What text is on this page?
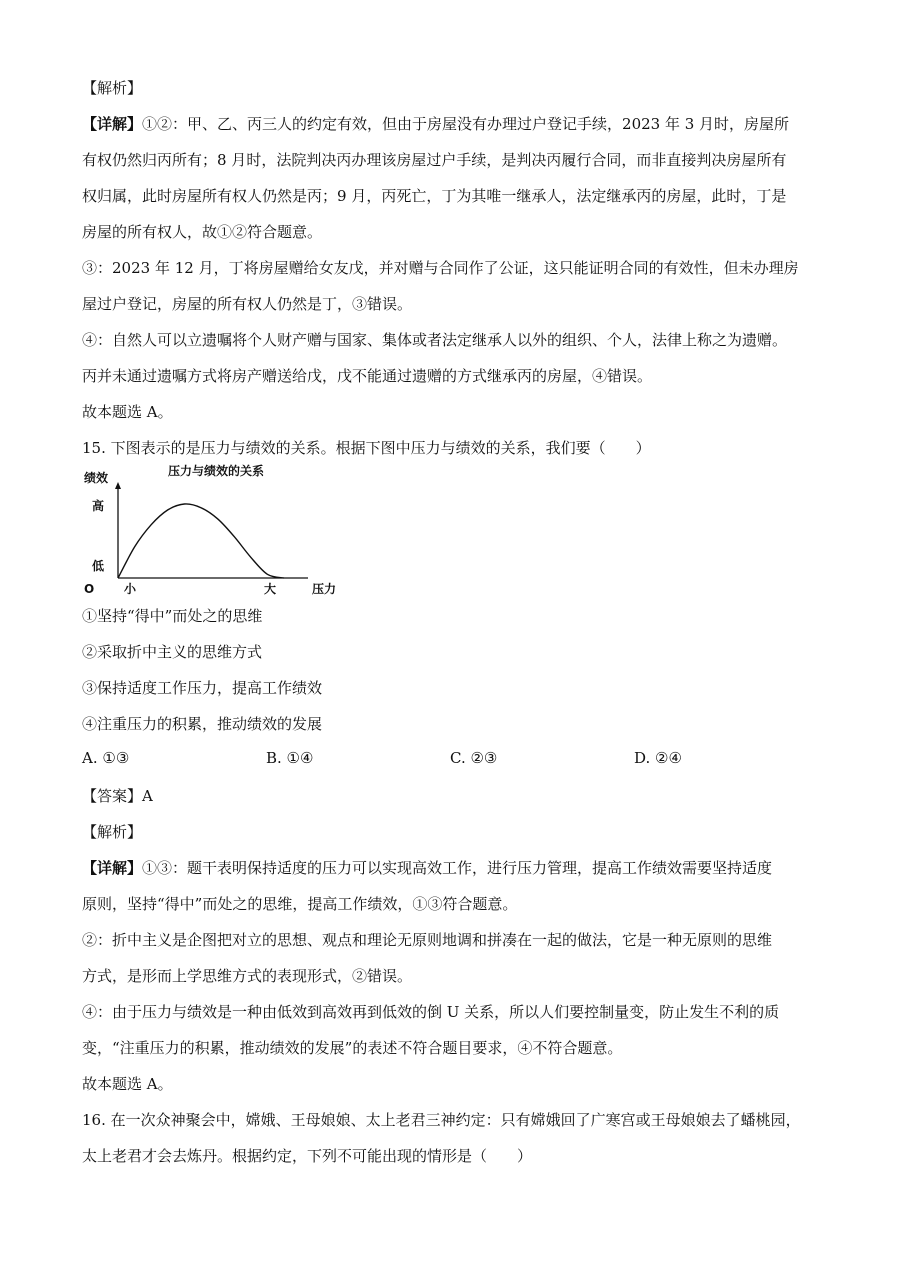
【解析】
【详解】①②：甲、乙、丙三人的约定有效，但由于房屋没有办理过户登记手续，2023 年 3 月时，房屋所
有权仍然归丙所有；8 月时，法院判决丙办理该房屋过户手续，是判决丙履行合同，而非直接判决房屋所有
权归属，此时房屋所有权人仍然是丙；9 月，丙死亡，丁为其唯一继承人，法定继承丙的房屋，此时，丁是
房屋的所有权人，故①②符合题意。
③：2023 年 12 月，丁将房屋赠给女友戊，并对赠与合同作了公证，这只能证明合同的有效性，但未办理房
屋过户登记，房屋的所有权人仍然是丁，③错误。
④：自然人可以立遗嘱将个人财产赠与国家、集体或者法定继承人以外的组织、个人，法律上称之为遗赠。
丙并未通过遗嘱方式将房产赠送给戊，戊不能通过遗赠的方式继承丙的房屋，④错误。
故本题选 A。
15. 下图表示的是压力与绩效的关系。根据下图中压力与绩效的关系，我们要（　　）
压力与绩效的关系
绩效
高
低
O 小	大	压力
①坚持“得中”而处之的思维
②采取折中主义的思维方式
③保持适度工作压力，提高工作绩效
④注重压力的积累，推动绩效的发展
A. ①③	B. ①④	C. ②③	D. ②④
【答案】A
【解析】
【详解】①③：题干表明保持适度的压力可以实现高效工作，进行压力管理，提高工作绩效需要坚持适度
原则，坚持“得中”而处之的思维，提高工作绩效，①③符合题意。
②：折中主义是企图把对立的思想、观点和理论无原则地调和拼凑在一起的做法，它是一种无原则的思维
方式，是形而上学思维方式的表现形式，②错误。
④：由于压力与绩效是一种由低效到高效再到低效的倒 U 关系，所以人们要控制量变，防止发生不利的质
变，“注重压力的积累，推动绩效的发展”的表述不符合题目要求，④不符合题意。
故本题选 A。
16. 在一次众神聚会中，嫦娥、王母娘娘、太上老君三神约定：只有嫦娥回了广寒宫或王母娘娘去了蟠桃园，
太上老君才会去炼丹。根据约定，下列不可能出现的情形是（　　）
